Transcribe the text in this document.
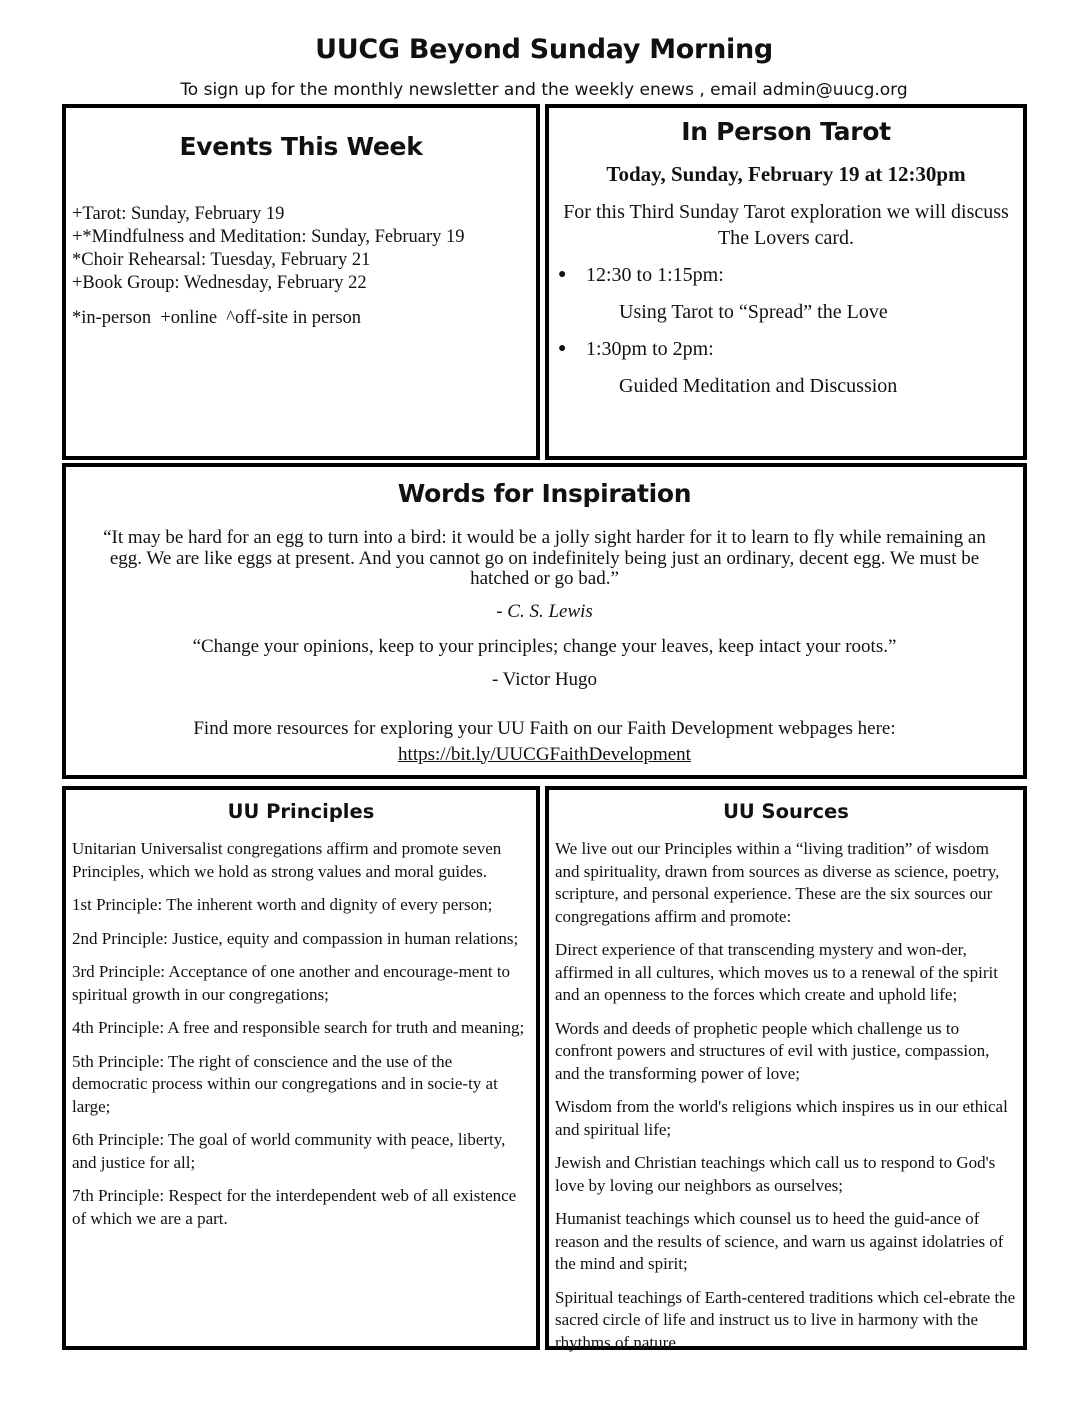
UUCG Beyond Sunday Morning
To sign up for the monthly newsletter and the weekly enews , email admin@uucg.org
Events This Week
+Tarot: Sunday, February 19
+*Mindfulness and Meditation: Sunday, February 19
*Choir Rehearsal: Tuesday, February 21
+Book Group: Wednesday, February 22
*in-person  +online  ^off-site in person
In Person Tarot
Today, Sunday, February 19 at 12:30pm
For this Third Sunday Tarot exploration we will discuss The Lovers card.
● 12:30 to 1:15pm:
Using Tarot to “Spread” the Love
● 1:30pm to 2pm:
Guided Meditation and Discussion
Words for Inspiration
“It may be hard for an egg to turn into a bird: it would be a jolly sight harder for it to learn to fly while remaining an egg. We are like eggs at present. And you cannot go on indefinitely being just an ordinary, decent egg. We must be hatched or go bad.”
- C. S. Lewis
“Change your opinions, keep to your principles; change your leaves, keep intact your roots.”
- Victor Hugo
Find more resources for exploring your UU Faith on our Faith Development webpages here: https://bit.ly/UUCGFaithDevelopment
UU Principles
Unitarian Universalist congregations affirm and promote seven Principles, which we hold as strong values and moral guides.
1st Principle: The inherent worth and dignity of every person;
2nd Principle: Justice, equity and compassion in human relations;
3rd Principle: Acceptance of one another and encourage-ment to spiritual growth in our congregations;
4th Principle: A free and responsible search for truth and meaning;
5th Principle: The right of conscience and the use of the democratic process within our congregations and in socie-ty at large;
6th Principle: The goal of world community with peace, liberty, and justice for all;
7th Principle: Respect for the interdependent web of all existence of which we are a part.
UU Sources
We live out our Principles within a “living tradition” of wisdom and spirituality, drawn from sources as diverse as science, poetry, scripture, and personal experience. These are the six sources our congregations affirm and promote:
Direct experience of that transcending mystery and won-der, affirmed in all cultures, which moves us to a renewal of the spirit and an openness to the forces which create and uphold life;
Words and deeds of prophetic people which challenge us to confront powers and structures of evil with justice, compassion, and the transforming power of love;
Wisdom from the world's religions which inspires us in our ethical and spiritual life;
Jewish and Christian teachings which call us to respond to God's love by loving our neighbors as ourselves;
Humanist teachings which counsel us to heed the guid-ance of reason and the results of science, and warn us against idolatries of the mind and spirit;
Spiritual teachings of Earth-centered traditions which cel-ebrate the sacred circle of life and instruct us to live in harmony with the rhythms of nature.
